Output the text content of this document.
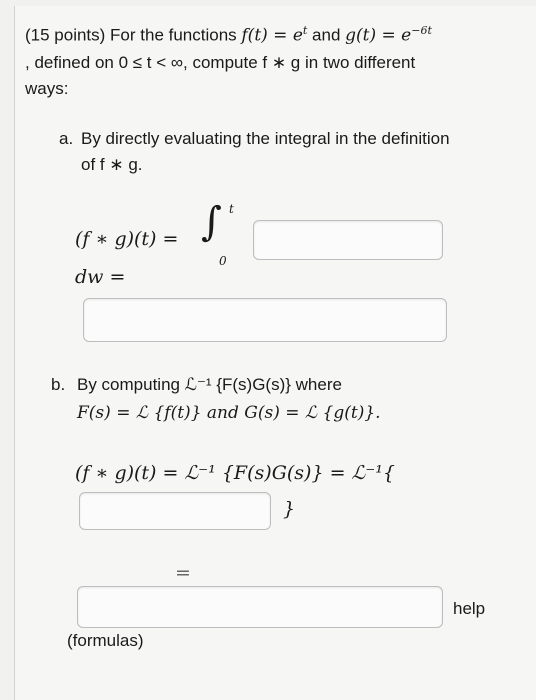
(15 points) For the functions $f(t) = e^t$ and $g(t) = e^{-6t}$
, defined on 0 ≤ t < ∞, compute f ∗ g in two different
ways:
a. By directly evaluating the integral in the definition
of f ∗ g.
(f ∗ g)(t) = ∫ t
0
dw =
b. By computing ℒ⁻¹ {F(s)G(s)} where
F(s) = ℒ {f(t)} and G(s) = ℒ {g(t)}.
(f ∗ g)(t) = ℒ⁻¹ {F(s)G(s)} = ℒ⁻¹{
}
=
help
(formulas)
